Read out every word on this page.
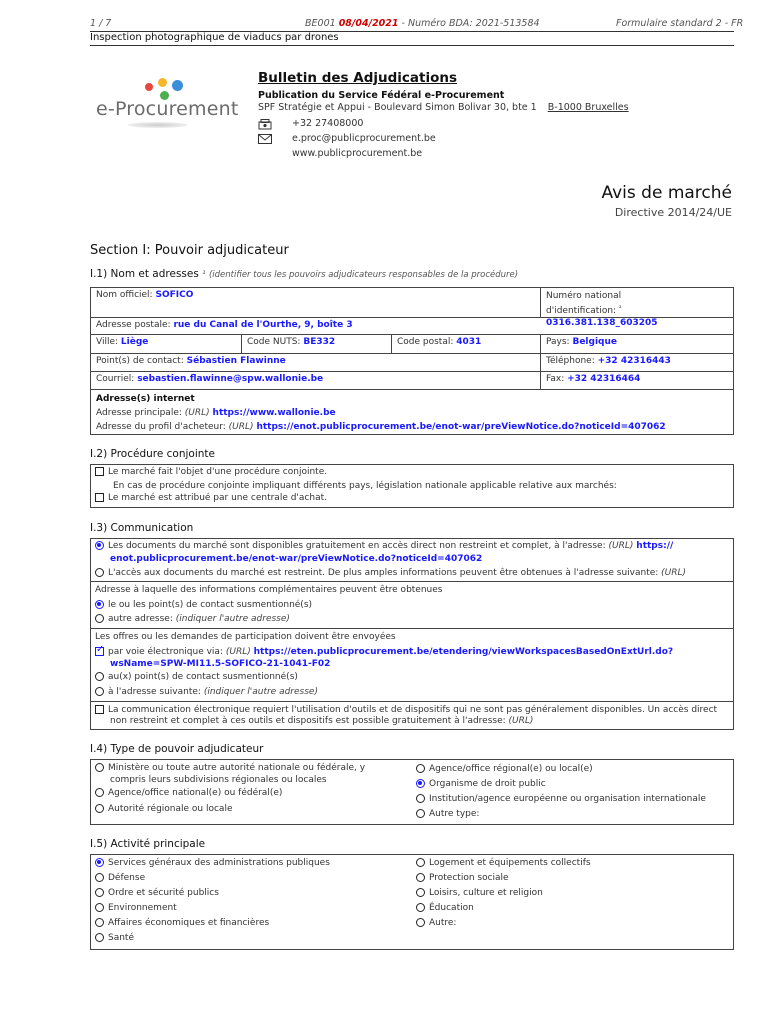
1 / 7	BE001 08/04/2021 - Numéro BDA: 2021-513584	Formulaire standard 2 - FR
Inspection photographique de viaducs par drones
e-Procurement
Bulletin des Adjudications
Publication du Service Fédéral e-Procurement
SPF Stratégie et Appui - Boulevard Simon Bolivar 30, bte 1 B-1000 Bruxelles
+32 27408000
e.proc@publicprocurement.be
www.publicprocurement.be
Avis de marché
Directive 2014/24/UE
Section I: Pouvoir adjudicateur
I.1) Nom et adresses ¹ (identifier tous les pouvoirs adjudicateurs responsables de la procédure)
Nom officiel: SOFICO	Numéro national
d'identification: $^{^2}$ 0316.381.138_603205
Adresse postale: rue du Canal de l'Ourthe, 9, boîte 3
Ville: Liège	Code NUTS: BE332	Code postal: 4031	Pays: Belgique
Point(s) de contact: Sébastien Flawinne	Téléphone: +32 42316443
Courriel: sebastien.flawinne@spw.wallonie.be	Fax: +32 42316464
Adresse(s) internet
Adresse principale: (URL) https://www.wallonie.be
Adresse du profil d'acheteur: (URL) https://enot.publicprocurement.be/enot-war/preViewNotice.do?noticeId=407062
I.2) Procédure conjointe
Le marché fait l'objet d'une procédure conjointe.
En cas de procédure conjointe impliquant différents pays, législation nationale applicable relative aux marchés:
Le marché est attribué par une centrale d'achat.
I.3) Communication
Les documents du marché sont disponibles gratuitement en accès direct non restreint et complet, à l'adresse: (URL) https://
enot.publicprocurement.be/enot-war/preViewNotice.do?noticeId=407062
L'accès aux documents du marché est restreint. De plus amples informations peuvent être obtenues à l'adresse suivante: (URL)
Adresse à laquelle des informations complémentaires peuvent être obtenues
le ou les point(s) de contact susmentionné(s)
autre adresse: (indiquer l'autre adresse)
Les offres ou les demandes de participation doivent être envoyées
✓par voie électronique via: (URL) https://eten.publicprocurement.be/etendering/viewWorkspacesBasedOnExtUrl.do?
wsName=SPW-MI11.5-SOFICO-21-1041-F02
au(x) point(s) de contact susmentionné(s)
à l'adresse suivante: (indiquer l'autre adresse)
La communication électronique requiert l'utilisation d'outils et de dispositifs qui ne sont pas généralement disponibles. Un accès direct
non restreint et complet à ces outils et dispositifs est possible gratuitement à l'adresse: (URL)
I.4) Type de pouvoir adjudicateur
Ministère ou toute autre autorité nationale ou fédérale, y
compris leurs subdivisions régionales ou locales
Agence/office national(e) ou fédéral(e)
Autorité régionale ou locale
Agence/office régional(e) ou local(e)
Organisme de droit public
Institution/agence européenne ou organisation internationale
Autre type:
I.5) Activité principale
Services généraux des administrations publiques
Défense
Ordre et sécurité publics
Environnement
Affaires économiques et financières
Santé
Logement et équipements collectifs
Protection sociale
Loisirs, culture et religion
Éducation
Autre:
